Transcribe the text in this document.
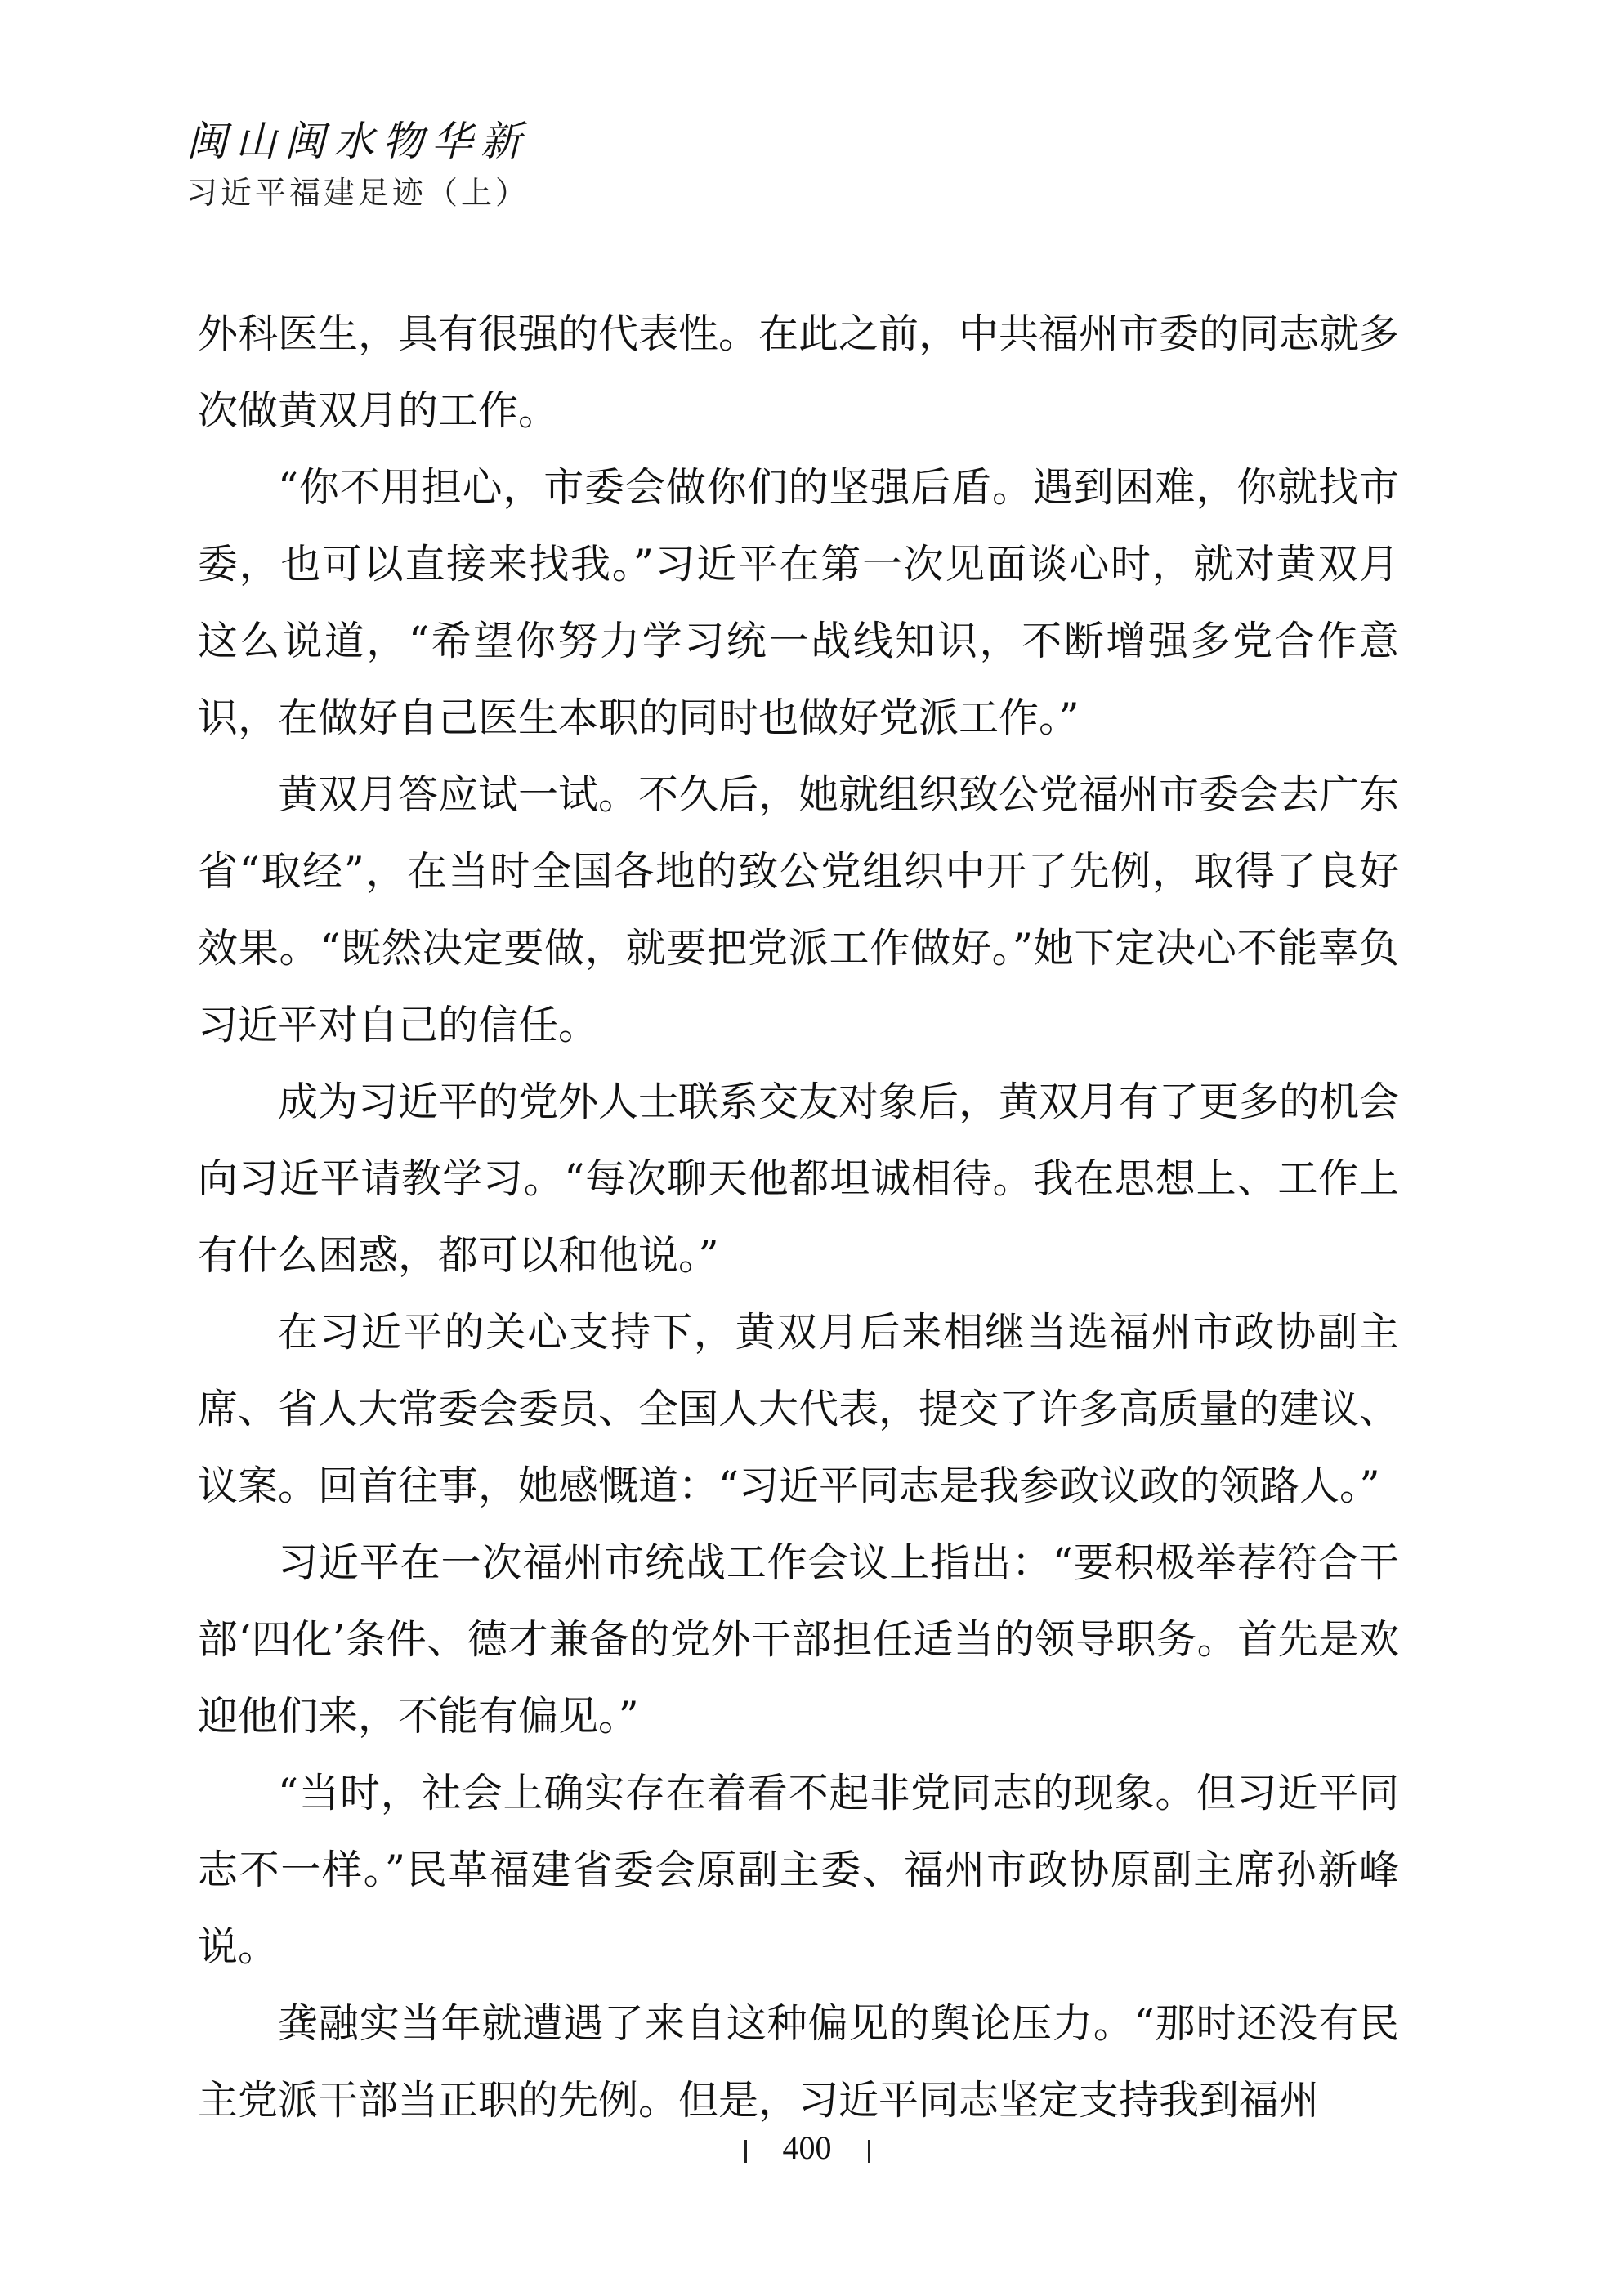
闽山闽水物华新
习近平福建足迹（上）

外科医生，具有很强的代表性。在此之前，中共福州市委的同志就多次做黄双月的工作。

“你不用担心，市委会做你们的坚强后盾。遇到困难，你就找市委，也可以直接来找我。”习近平在第一次见面谈心时，就对黄双月这么说道，“希望你努力学习统一战线知识，不断增强多党合作意识，在做好自己医生本职的同时也做好党派工作。”

黄双月答应试一试。不久后，她就组织致公党福州市委会去广东省“取经”，在当时全国各地的致公党组织中开了先例，取得了良好效果。“既然决定要做，就要把党派工作做好。”她下定决心不能辜负习近平对自己的信任。

成为习近平的党外人士联系交友对象后，黄双月有了更多的机会向习近平请教学习。“每次聊天他都坦诚相待。我在思想上、工作上有什么困惑，都可以和他说。”

在习近平的关心支持下，黄双月后来相继当选福州市政协副主席、省人大常委会委员、全国人大代表，提交了许多高质量的建议、议案。回首往事，她感慨道：“习近平同志是我参政议政的领路人。”

习近平在一次福州市统战工作会议上指出：“要积极举荐符合干部‘四化’条件、德才兼备的党外干部担任适当的领导职务。首先是欢迎他们来，不能有偏见。”

“当时，社会上确实存在着看不起非党同志的现象。但习近平同志不一样。”民革福建省委会原副主委、福州市政协原副主席孙新峰说。

龚融实当年就遭遇了来自这种偏见的舆论压力。“那时还没有民主党派干部当正职的先例。但是，习近平同志坚定支持我到福州

400
